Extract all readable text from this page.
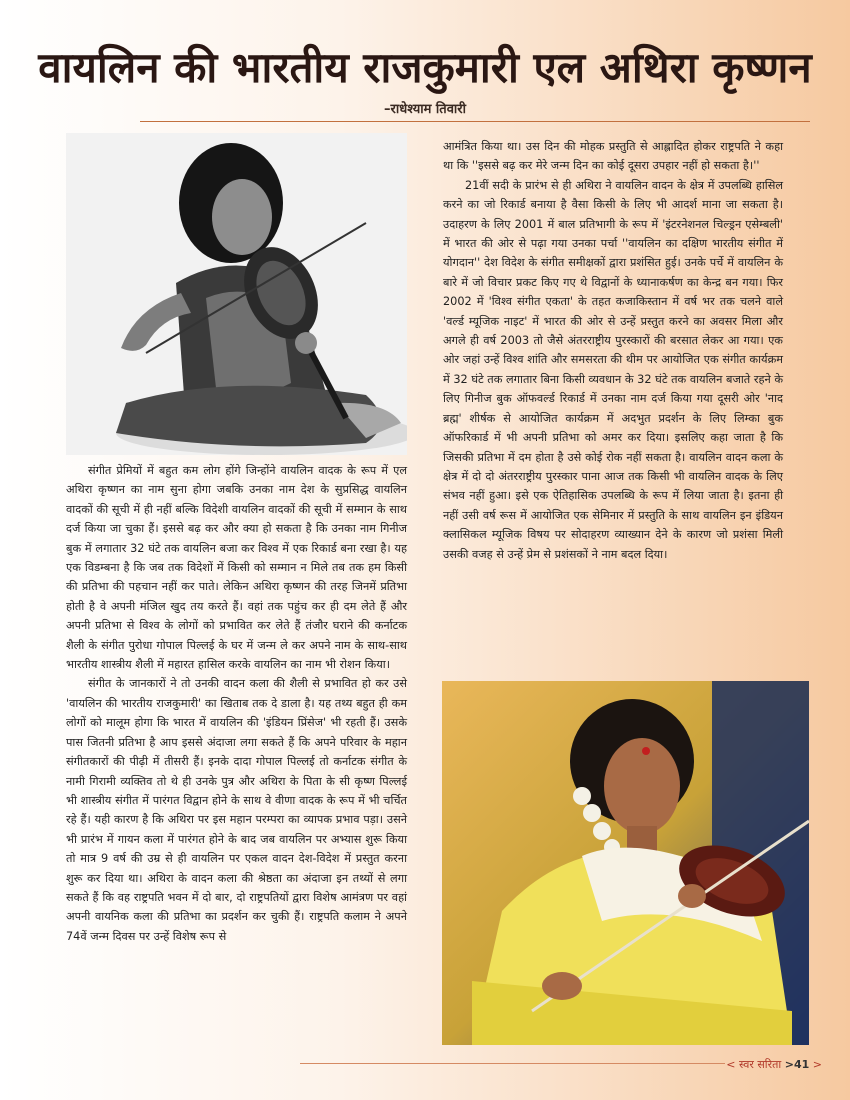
वायलिन की भारतीय राजकुमारी एल अथिरा कृष्णन
–राधेश्याम तिवारी

संगीत प्रेमियों में बहुत कम लोग होंगे जिन्होंने वायलिन वादक के रूप में एल अथिरा कृष्णन का नाम सुना होगा जबकि उनका नाम देश के सुप्रसिद्ध वायलिन वादकों की सूची में ही नहीं बल्कि विदेशी वायलिन वादकों की सूची में सम्मान के साथ दर्ज किया जा चुका हैं। इससे बढ़ कर और क्या हो सकता है कि उनका नाम गिनीज बुक में लगातार 32 घंटे तक वायलिन बजा कर विश्व में एक रिकार्ड बना रखा है। यह एक विडम्बना है कि जब तक विदेशों में किसी को सम्मान न मिले तब तक हम किसी की प्रतिभा की पहचान नहीं कर पाते। लेकिन अथिरा कृष्णन की तरह जिनमें प्रतिभा होती है वे अपनी मंजिल खुद तय करते हैं। वहां तक पहुंच कर ही दम लेते हैं और अपनी प्रतिभा से विश्व के लोगों को प्रभावित कर लेते हैं तंजौर घराने की कर्नाटक शैली के संगीत पुरोधा गोपाल पिल्लई के घर में जन्म ले कर अपने नाम के साथ-साथ भारतीय शास्त्रीय शैली में महारत हासिल करके वायलिन का नाम भी रोशन किया।

संगीत के जानकारों ने तो उनकी वादन कला की शैली से प्रभावित हो कर उसे 'वायलिन की भारतीय राजकुमारी' का खिताब तक दे डाला है। यह तथ्य बहुत ही कम लोगों को मालूम होगा कि भारत में वायलिन की 'इंडियन प्रिंसेज' भी रहती हैं। उसके पास जितनी प्रतिभा है आप इससे अंदाजा लगा सकते हैं कि अपने परिवार के महान संगीतकारों की पीढ़ी में तीसरी हैं। इनके दादा गोपाल पिल्लई तो कर्नाटक संगीत के नामी गिरामी व्यक्तिव तो थे ही उनके पुत्र और अथिरा के पिता के सी कृष्ण पिल्लई भी शास्त्रीय संगीत में पारंगत विद्वान होने के साथ वे वीणा वादक के रूप में भी चर्चित रहे हैं। यही कारण है कि अथिरा पर इस महान परम्परा का व्यापक प्रभाव पड़ा। उसने भी प्रारंभ में गायन कला में पारंगत होने के बाद जब वायलिन पर अभ्यास शुरू किया तो मात्र 9 वर्ष की उम्र से ही वायलिन पर एकल वादन देश-विदेश में प्रस्तुत करना शुरू कर दिया था। अथिरा के वादन कला की श्रेष्ठता का अंदाजा इन तथ्यों से लगा सकते हैं कि वह राष्ट्रपति भवन में दो बार, दो राष्ट्रपतियों द्वारा विशेष आमंत्रण पर वहां अपनी वायनिक कला की प्रतिभा का प्रदर्शन कर चुकी हैं। राष्ट्रपति कलाम ने अपने 74वें जन्म दिवस पर उन्हें विशेष रूप से

आमंत्रित किया था। उस दिन की मोहक प्रस्तुति से आह्लादित होकर राष्ट्रपति ने कहा था कि ''इससे बढ़ कर मेरे जन्म दिन का कोई दूसरा उपहार नहीं हो सकता है।''

21वीं सदी के प्रारंभ से ही अथिरा ने वायलिन वादन के क्षेत्र में उपलब्धि हासिल करने का जो रिकार्ड बनाया है वैसा किसी के लिए भी आदर्श माना जा सकता है। उदाहरण के लिए 2001 में बाल प्रतिभागी के रूप में 'इंटरनेशनल चिल्ड्रन एसेम्बली' में भारत की ओर से पढ़ा गया उनका पर्चा ''वायलिन का दक्षिण भारतीय संगीत में योगदान'' देश विदेश के संगीत समीक्षकों द्वारा प्रशंसित हुई। उनके पर्चे में वायलिन के बारे में जो विचार प्रकट किए गए थे विद्वानों के ध्यानाकर्षण का केन्द्र बन गया। फिर 2002 में 'विश्व संगीत एकता' के तहत कजाकिस्तान में वर्ष भर तक चलने वाले 'वर्ल्ड म्यूजिक नाइट' में भारत की ओर से उन्हें प्रस्तुत करने का अवसर मिला और अगले ही वर्ष 2003 तो जैसे अंतरराष्ट्रीय पुरस्कारों की बरसात लेकर आ गया। एक ओर जहां उन्हें विश्व शांति और समसरता की थीम पर आयोजित एक संगीत कार्यक्रम में 32 घंटे तक लगातार बिना किसी व्यवधान के 32 घंटे तक वायलिन बजाते रहने के लिए गिनीज बुक ऑफवर्ल्ड रिकार्ड में उनका नाम दर्ज किया गया दूसरी ओर 'नाद ब्रह्म' शीर्षक से आयोजित कार्यक्रम में अदभुत प्रदर्शन के लिए लिम्का बुक ऑफरिकार्ड में भी अपनी प्रतिभा को अमर कर दिया। इसलिए कहा जाता है कि जिसकी प्रतिभा में दम होता है उसे कोई रोक नहीं सकता है। वायलिन वादन कला के क्षेत्र में दो दो अंतरराष्ट्रीय पुरस्कार पाना आज तक किसी भी वायलिन वादक के लिए संभव नहीं हुआ। इसे एक ऐतिहासिक उपलब्धि के रूप में लिया जाता है। इतना ही नहीं उसी वर्ष रूस में आयोजित एक सेमिनार में प्रस्तुति के साथ वायलिन इन इंडियन क्लासिकल म्यूजिक विषय पर सोदाहरण व्याख्यान देने के कारण जो प्रशंसा मिली उसकी वजह से उन्हें प्रेम से प्रशंसकों ने नाम बदल दिया।

< स्वर सरिता >41 >
